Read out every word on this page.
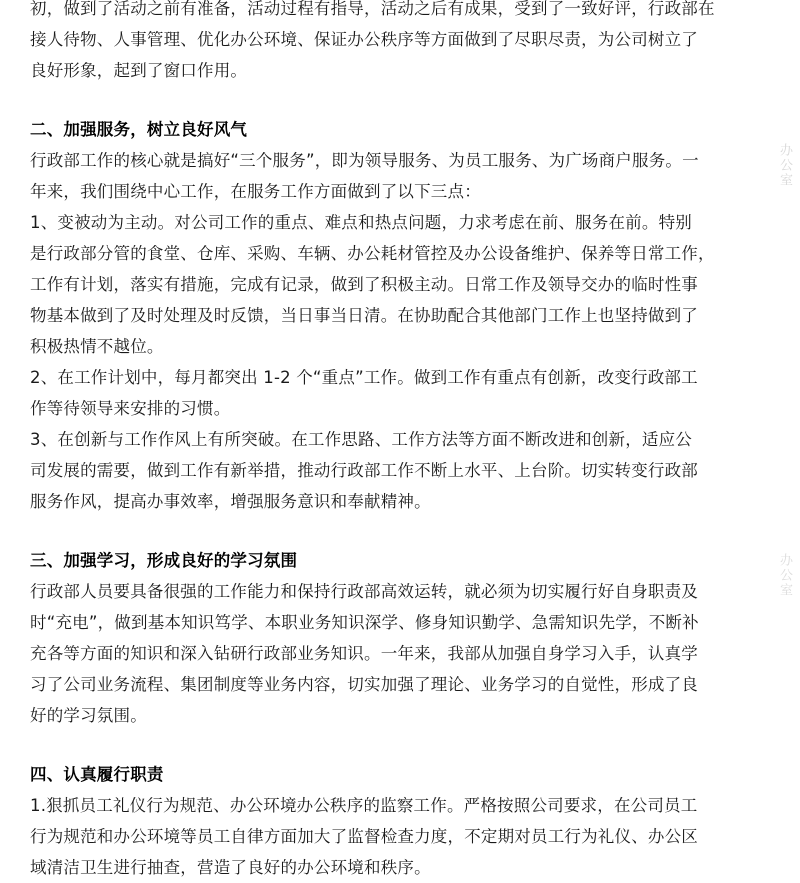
初，做到了活动之前有准备，活动过程有指导，活动之后有成果，受到了一致好评，行政部在

接人待物、人事管理、优化办公环境、保证办公秩序等方面做到了尽职尽责，为公司树立了

良好形象，起到了窗口作用。

二、加强服务，树立良好风气

行政部工作的核心就是搞好“三个服务”，即为领导服务、为员工服务、为广场商户服务。一

年来，我们围绕中心工作，在服务工作方面做到了以下三点：

1、变被动为主动。对公司工作的重点、难点和热点问题，力求考虑在前、服务在前。特别

是行政部分管的食堂、仓库、采购、车辆、办公耗材管控及办公设备维护、保养等日常工作，

工作有计划，落实有措施，完成有记录，做到了积极主动。日常工作及领导交办的临时性事

物基本做到了及时处理及时反馈，当日事当日清。在协助配合其他部门工作上也坚持做到了

积极热情不越位。

2、在工作计划中，每月都突出 1-2 个“重点”工作。做到工作有重点有创新，改变行政部工

作等待领导来安排的习惯。

3、在创新与工作作风上有所突破。在工作思路、工作方法等方面不断改进和创新，适应公

司发展的需要，做到工作有新举措，推动行政部工作不断上水平、上台阶。切实转变行政部

服务作风，提高办事效率，增强服务意识和奉献精神。

三、加强学习，形成良好的学习氛围

行政部人员要具备很强的工作能力和保持行政部高效运转，就必须为切实履行好自身职责及

时“充电”，做到基本知识笃学、本职业务知识深学、修身知识勤学、急需知识先学，不断补

充各等方面的知识和深入钻研行政部业务知识。一年来，我部从加强自身学习入手，认真学

习了公司业务流程、集团制度等业务内容，切实加强了理论、业务学习的自觉性，形成了良

好的学习氛围。

四、认真履行职责

1.狠抓员工礼仪行为规范、办公环境办公秩序的监察工作。严格按照公司要求，在公司员工

行为规范和办公环境等员工自律方面加大了监督检查力度，不定期对员工行为礼仪、办公区

域清洁卫生进行抽查，营造了良好的办公环境和秩序。

办公室
办公室
